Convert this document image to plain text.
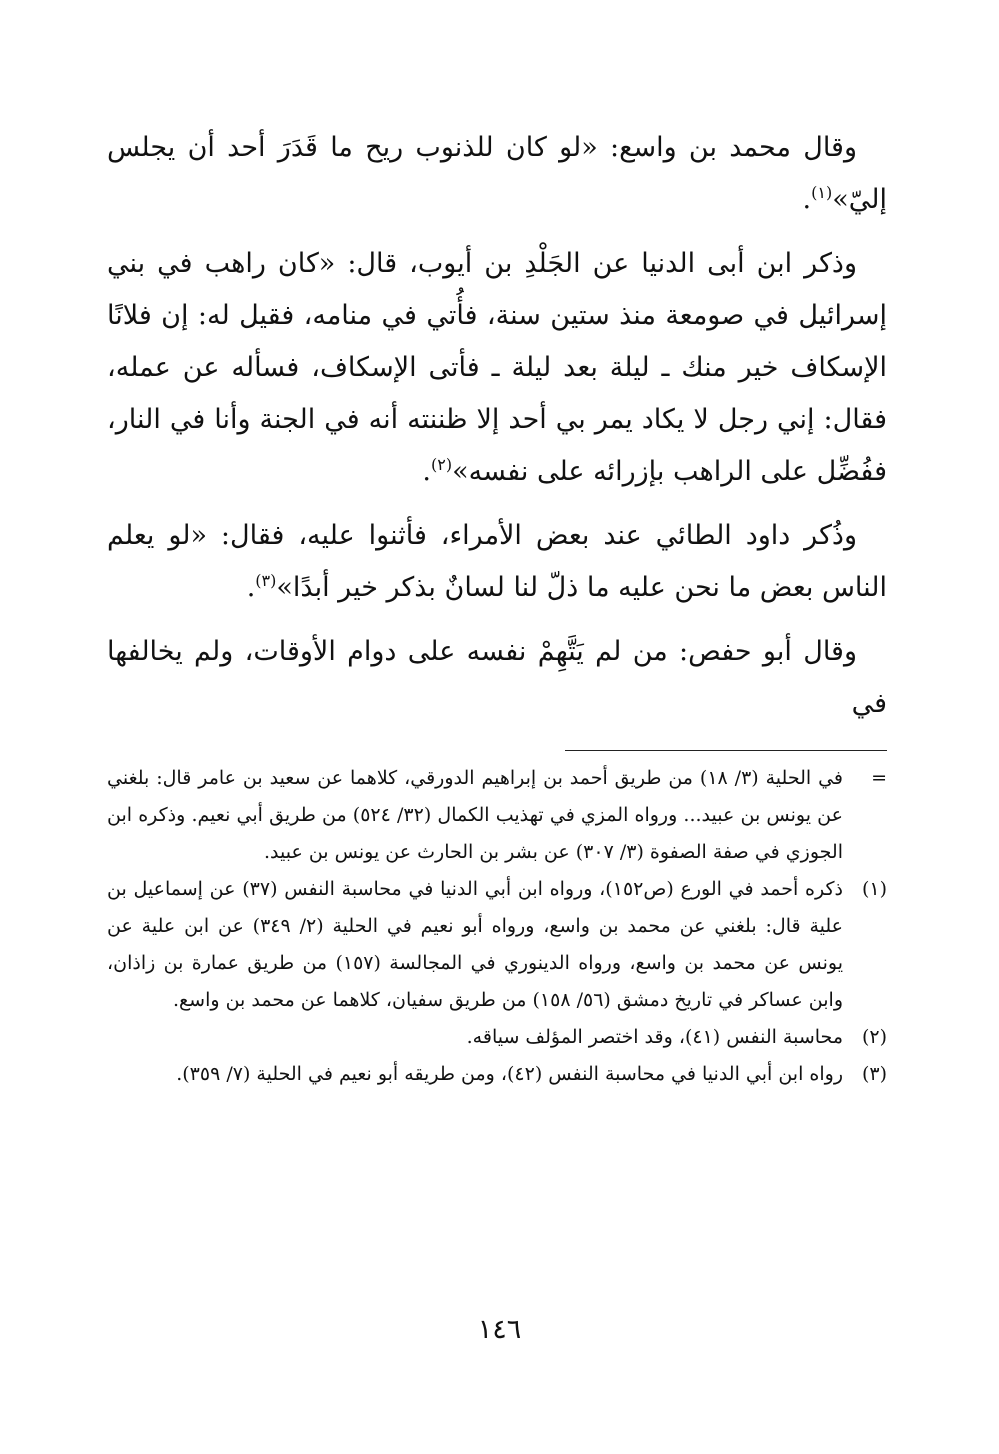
وقال محمد بن واسع: «لو كان للذنوب ريح ما قَدَرَ أحد أن يجلس إليّ»$^{(١)}$.

وذكر ابن أبى الدنيا عن الجَلْدِ بن أيوب، قال: «كان راهب في بني إسرائيل في صومعة منذ ستين سنة، فأُتي في منامه، فقيل له: إن فلانًا الإسكاف خير منك ـ ليلة بعد ليلة ـ فأتى الإسكاف، فسأله عن عمله، فقال: إني رجل لا يكاد يمر بي أحد إلا ظننته أنه في الجنة وأنا في النار، ففُضِّل على الراهب بإزرائه على نفسه»$^{(٢)}$.

وذُكر داود الطائي عند بعض الأمراء، فأثنوا عليه، فقال: «لو يعلم الناس بعض ما نحن عليه ما ذلّ لنا لسانٌ بذكر خير أبدًا»$^{(٣)}$.

وقال أبو حفص: من لم يَتَّهِمْ نفسه على دوام الأوقات، ولم يخالفها في

=
في الحلية (٣/ ١٨) من طريق أحمد بن إبراهيم الدورقي، كلاهما عن سعيد بن عامر قال: بلغني عن يونس بن عبيد... ورواه المزي في تهذيب الكمال (٣٢/ ٥٢٤) من طريق أبي نعيم. وذكره ابن الجوزي في صفة الصفوة (٣/ ٣٠٧) عن بشر بن الحارث عن يونس بن عبيد.
(١)
ذكره أحمد في الورع (ص١٥٢)، ورواه ابن أبي الدنيا في محاسبة النفس (٣٧) عن إسماعيل بن علية قال: بلغني عن محمد بن واسع، ورواه أبو نعيم في الحلية (٢/ ٣٤٩) عن ابن علية عن يونس عن محمد بن واسع، ورواه الدينوري في المجالسة (١٥٧) من طريق عمارة بن زاذان، وابن عساكر في تاريخ دمشق (٥٦/ ١٥٨) من طريق سفيان، كلاهما عن محمد بن واسع.
(٢)
محاسبة النفس (٤١)، وقد اختصر المؤلف سياقه.
(٣)
رواه ابن أبي الدنيا في محاسبة النفس (٤٢)، ومن طريقه أبو نعيم في الحلية (٧/ ٣٥٩).
١٤٦
